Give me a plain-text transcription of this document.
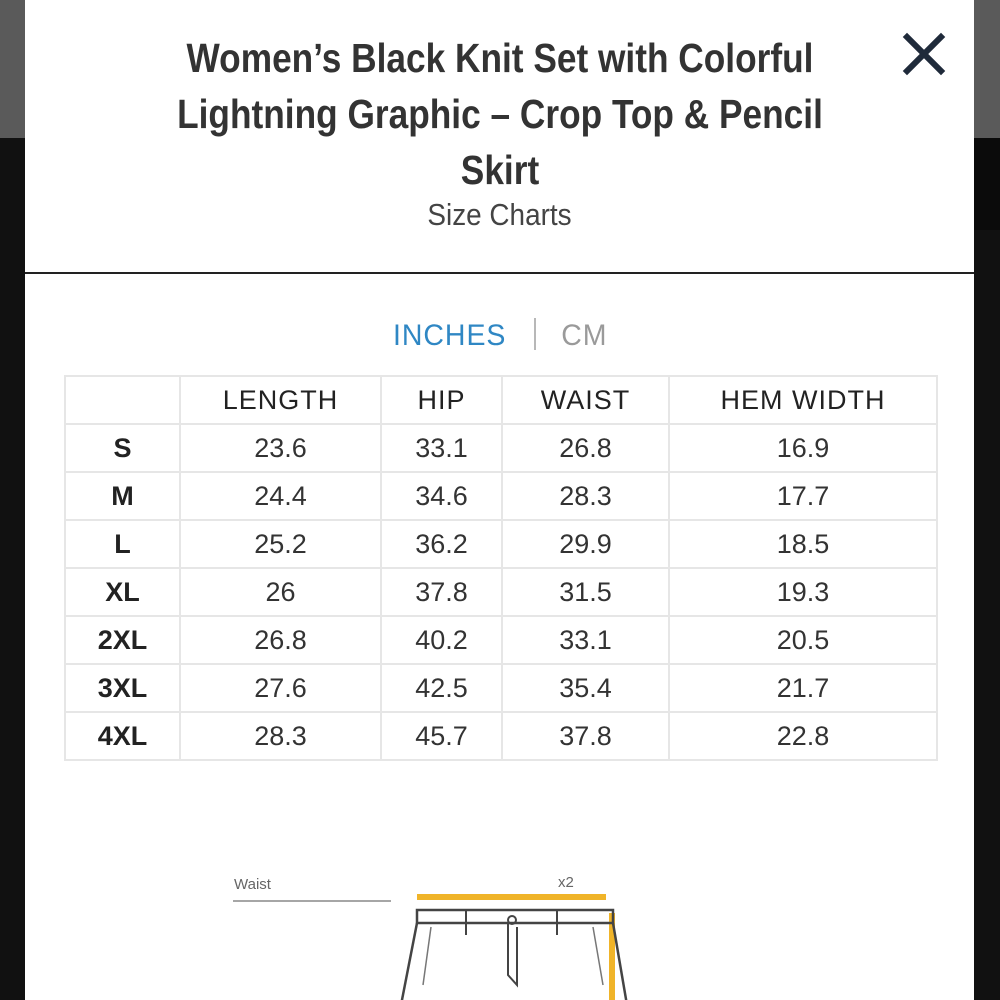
Women’s Black Knit Set with Colorful Lightning Graphic – Crop Top & Pencil Skirt
Size Charts
INCHES CM
	LENGTH	HIP	WAIST	HEM WIDTH
S	23.6	33.1	26.8	16.9
M	24.4	34.6	28.3	17.7
L	25.2	36.2	29.9	18.5
XL	26	37.8	31.5	19.3
2XL	26.8	40.2	33.1	20.5
3XL	27.6	42.5	35.4	21.7
4XL	28.3	45.7	37.8	22.8
Waist	x2
